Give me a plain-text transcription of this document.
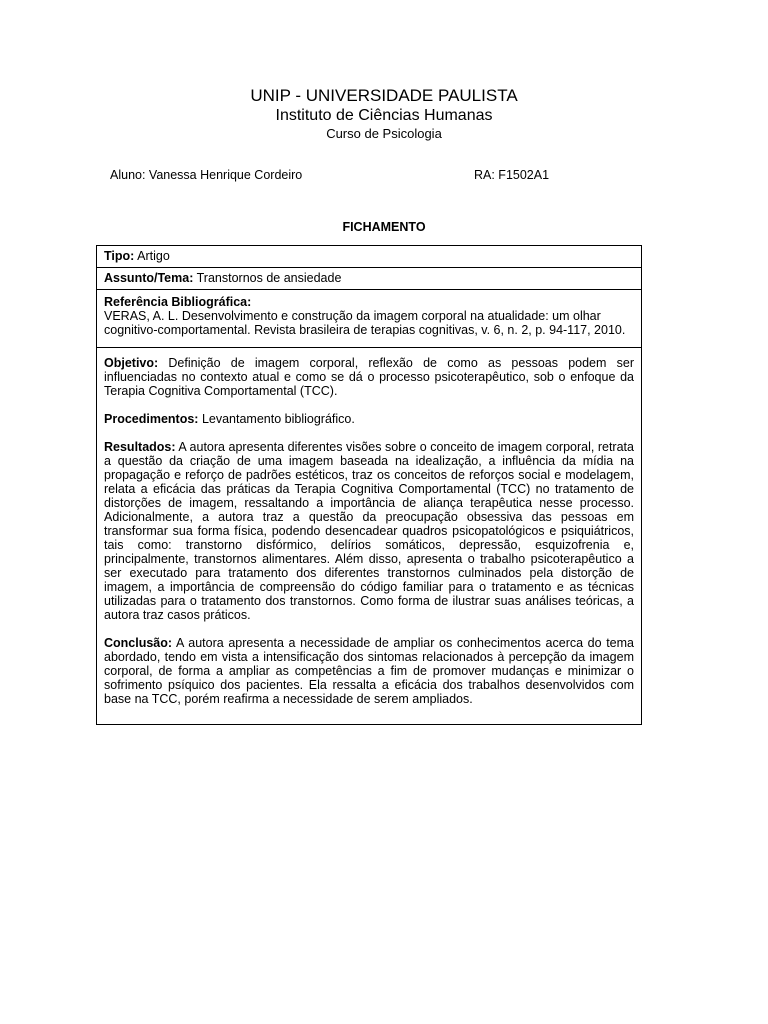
UNIP - UNIVERSIDADE PAULISTA
Instituto de Ciências Humanas
Curso de Psicologia
Aluno: Vanessa Henrique Cordeiro	RA: F1502A1
FICHAMENTO
Tipo: Artigo
Assunto/Tema: Transtornos de ansiedade
Referência Bibliográfica:
VERAS, A. L. Desenvolvimento e construção da imagem corporal na atualidade: um olhar cognitivo-comportamental. Revista brasileira de terapias cognitivas, v. 6, n. 2, p. 94-117, 2010.

Objetivo: Definição de imagem corporal, reflexão de como as pessoas podem ser influenciadas no contexto atual e como se dá o processo psicoterapêutico, sob o enfoque da Terapia Cognitiva Comportamental (TCC).

Procedimentos: Levantamento bibliográfico.

Resultados: A autora apresenta diferentes visões sobre o conceito de imagem corporal, retrata a questão da criação de uma imagem baseada na idealização, a influência da mídia na propagação e reforço de padrões estéticos, traz os conceitos de reforços social e modelagem, relata a eficácia das práticas da Terapia Cognitiva Comportamental (TCC) no tratamento de distorções de imagem, ressaltando a importância de aliança terapêutica nesse processo. Adicionalmente, a autora traz a questão da preocupação obsessiva das pessoas em transformar sua forma física, podendo desencadear quadros psicopatológicos e psiquiátricos, tais como: transtorno disfórmico, delírios somáticos, depressão, esquizofrenia e, principalmente, transtornos alimentares. Além disso, apresenta o trabalho psicoterapêutico a ser executado para tratamento dos diferentes transtornos culminados pela distorção de imagem, a importância de compreensão do código familiar para o tratamento e as técnicas utilizadas para o tratamento dos transtornos. Como forma de ilustrar suas análises teóricas, a autora traz casos práticos.

Conclusão: A autora apresenta a necessidade de ampliar os conhecimentos acerca do tema abordado, tendo em vista a intensificação dos sintomas relacionados à percepção da imagem corporal, de forma a ampliar as competências a fim de promover mudanças e minimizar o sofrimento psíquico dos pacientes. Ela ressalta a eficácia dos trabalhos desenvolvidos com base na TCC, porém reafirma a necessidade de serem ampliados.
